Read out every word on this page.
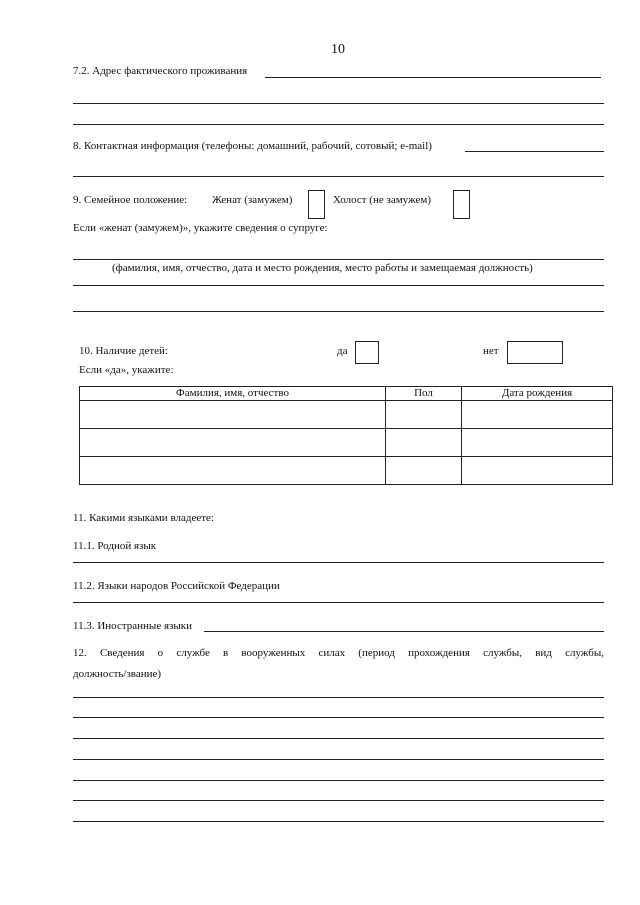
10
7.2. Адрес фактического проживания
8. Контактная информация (телефоны: домашний, рабочий, сотовый; e-mail)
9. Семейное положение: Женат (замужем)	Холост (не замужем)
Если «женат (замужем)», укажите сведения о супруге:
(фамилия, имя, отчество, дата и место рождения, место работы и замещаемая должность)
10. Наличие детей:	да	нет
Если «да», укажите:
Фамилия, имя, отчество	Пол	Дата рождения

11. Какими языками владеете:
11.1. Родной язык
11.2. Языки народов Российской Федерации
11.3. Иностранные языки
12. Сведения о службе в вооруженных силах (период прохождения службы, вид службы,
должность/звание)
